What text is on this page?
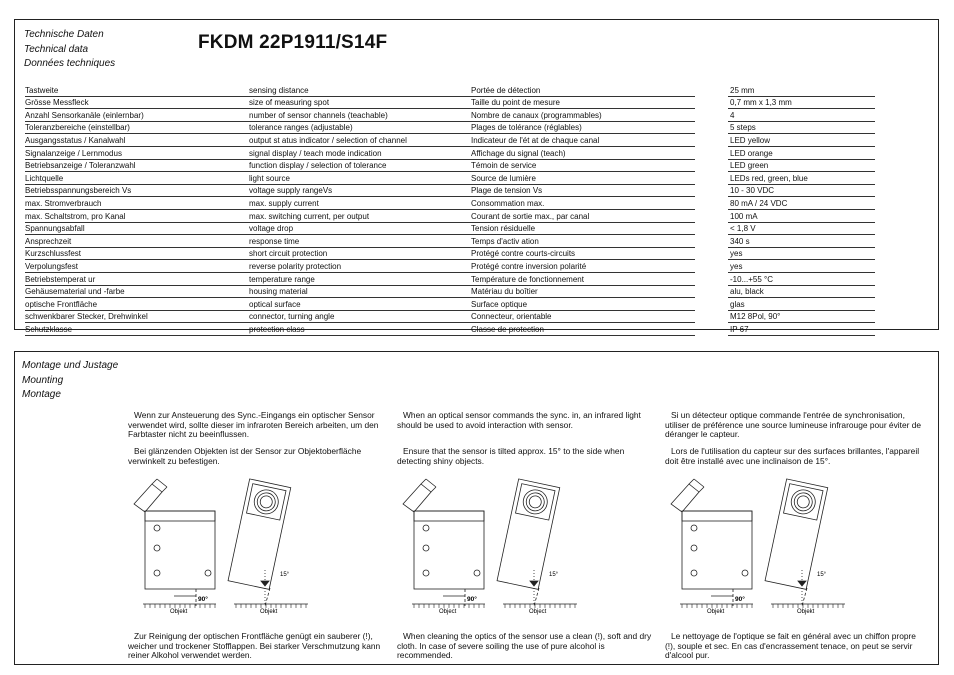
Technische Daten
Technical data
Données techniques
FKDM 22P1911/S14F
Tastweite	sensing distance	Portée de détection		25 mm
Grösse Messfleck	size of measuring spot	Taille du point de mesure		0,7 mm x 1,3 mm
Anzahl Sensorkanäle (einlernbar)	number of sensor channels (teachable)	Nombre de canaux (programmables)		4
Toleranzbereiche (einstellbar)	tolerance ranges (adjustable)	Plages de tolérance (réglables)		5 steps
Ausgangsstatus / Kanalwahl	output st atus indicator / selection of channel	Indicateur de l'ét at de chaque canal		LED yellow
Signalanzeige / Lernmodus	signal display / teach mode indication	Affichage du signal (teach)		LED orange
Betriebsanzeige / Toleranzwahl	function display / selection of tolerance	Témoin de service		LED green
Lichtquelle	light source	Source de lumière		LEDs red, green, blue
Betriebsspannungsbereich Vs	voltage supply rangeVs	Plage de tension Vs		10 - 30 VDC
max. Stromverbrauch	max. supply current	Consommation max.		80 mA / 24 VDC
max. Schaltstrom, pro Kanal	max. switching current, per output	Courant de sortie max., par canal		100 mA
Spannungsabfall	voltage drop	Tension résiduelle		< 1,8 V
Ansprechzeit	response time	Temps d'activ ation		340 s
Kurzschlussfest	short circuit protection	Protégé contre courts-circuits		yes
Verpolungsfest	reverse polarity protection	Protégé contre inversion polarité		yes
Betriebstemperat ur	temperature range	Température de fonctionnement		-10...+55 °C
Gehäusematerial und -farbe	housing material	Matériau du boîtier		alu, black
optische Frontfläche	optical surface	Surface optique		glas
schwenkbarer Stecker, Drehwinkel	connector, turning angle	Connecteur, orientable		M12 8Pol, 90°
Schutzklasse	protection class	Classe de protection		IP 67
Montage und Justage
Mounting
Montage
Wenn zur Ansteuerung des Sync.-Eingangs ein optischer Sensor verwendet wird, sollte dieser im infraroten Bereich arbeiten, um den Farbtaster nicht zu beeinflussen.
Bei glänzenden Objekten ist der Sensor zur Objektoberfläche verwinkelt zu befestigen.
Zur Reinigung der optischen Frontfläche genügt ein sauberer (!), weicher und trockener Stofflappen. Bei starker Verschmutzung kann reiner Alkohol verwendet werden.
When an optical sensor commands the sync. in, an infrared light should be used to avoid interaction with sensor.
Ensure that the sensor is tilted approx. 15° to the side when detecting shiny objects.
When cleaning the optics of the sensor use a clean (!), soft and dry cloth. In case of severe soiling the use of pure alcohol is recommended.
Si un détecteur optique commande l'entrée de synchronisation, utiliser de préférence une source lumineuse infrarouge pour éviter de déranger le capteur.
Lors de l'utilisation du capteur sur des surfaces brillantes, l'appareil doit être installé avec une inclinaison de 15°.
Le nettoyage de l'optique se fait en général avec un chiffon propre (!), souple et sec. En cas d'encrassement tenace, on peut se servir d'alcool pur.
90°
15°
Objekt	Objekt
90°
15°
Object	Object
90°
15°
Objekt	Objekt
